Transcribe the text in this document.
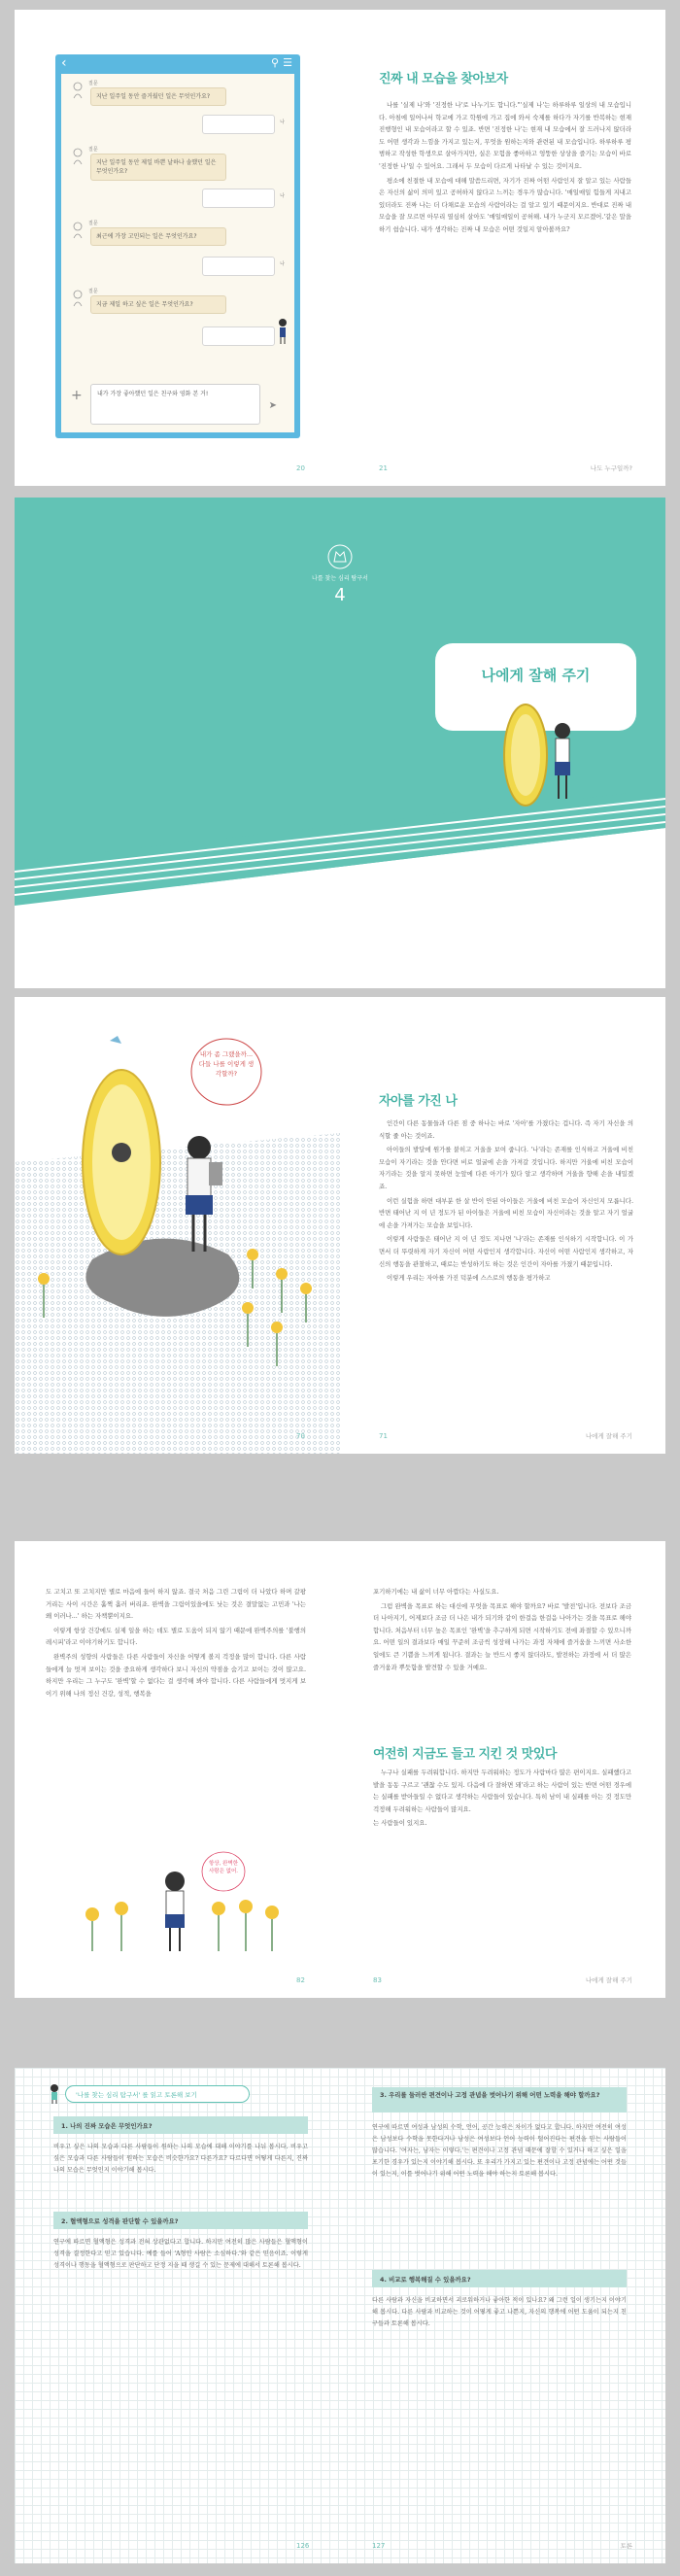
‹	⚲ ☰
질문
지난 일주일 동안 즐거웠던 일은 무엇인가요?
나
질문
지난 일주일 동안 제일 바쁜 날하나 솔했던 일은 무엇인가요?
나
질문
최근에 가장 고민되는 일은 무엇인가요?
나
질문
지금 제일 하고 싶은 일은 무엇인가요?
+	내가 가장 좋아했던 일은 친구와 영화 본 거!
➤
20
진짜 내 모습을 찾아보자

나를 '실제 나'와 '진정한 나'로 나누기도 합니다."'실제 나'는 하루하루 일상의 내 모습입니다. 아침에 일어나서 학교에 가고 학원에 가고 집에 와서 숙제를 하다가 자기를 반복하는 현재 진행형인 내 모습이라고 할 수 있죠. 반면 '진정한 나'는 현재 내 모습에서 잘 드러나지 않더라도 어떤 생각과 느낌을 가지고 있는지, 무엇을 원하는지와 관련된 내 모습입니다. 하루하루 평범하고 작성한 학생으로 살아가지만, 실은 모험을 좋아하고 엉뚱한 상상을 즐기는 모습이 바로 '진정한 나'일 수 있어요. 그래서 두 모습이 다르게 나타날 수 있는 것이지요.

평소에 친절한 내 모습에 대해 말씀드리면, 자기가 진짜 어떤 사람인지 잘 알고 있는 사람들은 자신의 삶이 의미 있고 공허하지 않다고 느끼는 경우가 많습니다. '매일매일 힘들게 지내고 있더라도 진짜 나는 더 다채로운 모습의 사람이라는 걸 알고 있기 때문이지요. 반대로 진짜 내 모습을 잘 모르면 아무리 열심히 살아도 '매일매일이 공허해. 내가 누군지 모르겠어.'같은 말을 하기 쉽습니다. 내가 생각하는 진짜 내 모습은 어떤 것일지 알아볼까요?

21	나도 누구일까?
나를 찾는 심리 탐구서
4
나에게 잘해 주기
내가 좀 그랬을까... 다들 나를 이렇게 생각할까?
70
자아를 가진 나

인간이 다른 동물들과 다른 점 중 하나는 바로 '자아'를 가졌다는 겁니다. 즉 자기 자신을 의식할 줄 아는 것이죠.

아이들의 발달에 원가를 붙히고 거울을 보여 줍니다. '나'라는 존재를 인식하고 거울에 비친 모습이 자기라는 것을 안다면 비로 얼굴에 손을 가져갈 것입니다. 하지만 거울에 비친 모습이 자기라는 것을 알지 못하면 눈앞에 다른 아기가 있다 알고 생각하며 거울을 향해 손을 내밀겠죠.

이런 실험을 하면 대부분 한 살 반이 안된 아이들은 거울에 비친 모습이 자신인지 모릅니다. 반면 태어난 지 이 년 정도가 된 아이들은 거울에 비친 모습이 자신이라는 것을 알고 자기 얼굴에 손을 가져가는 모습을 보입니다.

이렇게 사람들은 태어난 지 이 년 정도 지나면 '나'라는 존재를 인식하기 시작합니다. 이 가면서 더 뚜렷하게 자기 자신이 어떤 사람인지 생각합니다. 자신이 어떤 사람인지 생각하고, 자신의 행동을 관찰하고, 때로는 반성하기도 하는 것은 인간이 자아를 가졌기 때문입니다.

이렇게 우리는 자아를 가진 덕분에 스스로의 행동을 평가하고

71	나에게 잘해 주기

도 고치고 또 고치지만 별로 마음에 들어 하지 않죠. 결국 처음 그린 그림이 더 나았다 하며 갈팡거리는 사이 시간은 훌쩍 흘러 버리죠. 완벽을 그림이있을에도 낫는 것은 결말없는 고민과 '나는 왜 이러나...' 하는 자책뿐이지요.

이렇게 항상 건강에도 실제 일을 하는 데도 별로 도움이 되지 않기 때문에 완벽주의를 '불행의 레시피'라고 이야기하기도 합니다.

완벽주의 성향의 사람들은 다른 사람들이 자신을 어떻게 볼지 걱정을 많이 합니다. 다른 사람들에게 늘 멋져 보이는 것을 중요하게 생각하다 보니 자신의 약점을 숨기고 보이는 것이 많고요. 하지만 우리는 그 누구도 '완벽'할 수 없다는 걸 생각해 봐야 합니다. 다른 사람들에게 멋지게 보이기 위해 나의 정신 건강, 성적, 행복을

항상, 완벽한 사람은 없어.
82

포기하기에는 내 삶이 너무 아깝다는 사실도요.

그럼 완벽을 목표로 하는 대신에 무엇을 목표로 해야 할까요? 바로 '발전'입니다. 전보다 조금 더 나아지기, 어제보다 조금 더 나은 내가 되기와 같이 한걸음 한걸음 나아가는 것을 목표로 해야 합니다. 처음부터 너무 높은 목표인 '완벽'을 추구하게 되면 시작하기도 전에 좌절할 수 있으니까요. 어떤 일의 결과보다 매일 꾸준히 조금씩 성장해 나가는 과정 자체에 즐거움을 느끼면 사소한 일에도 큰 기쁨을 느끼게 됩니다. 결과는 늘 반드시 좋지 않더라도, 발전하는 과정에 서 더 많은 즐거움과 뿌듯함을 발견할 수 있을 거예요.

여전히 지금도 들고 지킨 것 맛있다

누구나 실패를 두려워합니다. 하지만 두려워하는 정도가 사람마다 많은 편이지요. 실패했다고 발을 동동 구르고 '괜찮 수도 있지. 다음에 다 잘하면 돼'라고 하는 사람이 있는 반면 어떤 경우에는 실패를 받아들일 수 없다고 생각하는 사람들이 있습니다. 특히 남이 내 실패를 아는 것 정도만 걱정해 두려워하는 사람들이 많지요.

는 사람들이 있지요.

83	나에게 잘해 주기
'나를 찾는 심리 탐구서' 를 읽고 토론해 보기
1. 나의 진짜 모습은 무엇인가요?
비우고 싶은 나의 모습과 다른 사람들이 원하는 나의 모습에 대해 이야기를 나눠 봅시다. 비우고 싶은 모습과 다른 사람들이 원하는 모습은 비슷한가요? 다른가요? 다르다면 어떻게 다른지, 진짜 나의 모습은 무엇인지 이야기해 봅시다.
2. 혈액형으로 성격을 판단할 수 있을까요?
연구에 따르면 혈액형은 성격과 전혀 상관없다고 합니다. 하지만 여전히 많은 사람들은 혈액형이 성격을 결정한다고 믿고 있습니다. 예를 들어 'A형인 사람은 소심하다.'와 같은 믿음이죠. 이렇게 성격이나 행동을 혈액형으로 판단하고 단정 지을 때 생길 수 있는 문제에 대해서 토론해 봅시다.
3. 우리를 둘러싼 편견이나 고정 관념을 벗어나기 위해 어떤 노력을 해야 할까요?
연구에 따르면 여성과 남성의 수학, 언어, 공간 능력은 차이가 없다고 합니다. 하지만 여전히 여성은 남성보다 수학을 못한다거나 남성은 여성보다 언어 능력이 떨어진다는 편견을 믿는 사람들이 많습니다. '여자는, 남자는 이렇다.'는 편견이나 고정 관념 때문에 잘할 수 있거나 하고 싶은 일을 포기한 경우가 있는지 이야기해 봅시다. 또 우리가 가지고 있는 편견이나 고정 관념에는 어떤 것들이 있는지, 이를 벗어나기 위해 어떤 노력을 해야 하는지 토론해 봅시다.
4. 비교로 행복해질 수 있을까요?
다른 사람과 자신을 비교하면서 괴로워하거나 좋아한 적이 있나요? 왜 그런 일이 생기는지 이야기해 봅시다. 다른 사람과 비교하는 것이 어떻게 좋고 나쁜지, 자신의 행복에 어떤 도움이 되는지 친구들과 토론해 봅시다.
126	127	토론
